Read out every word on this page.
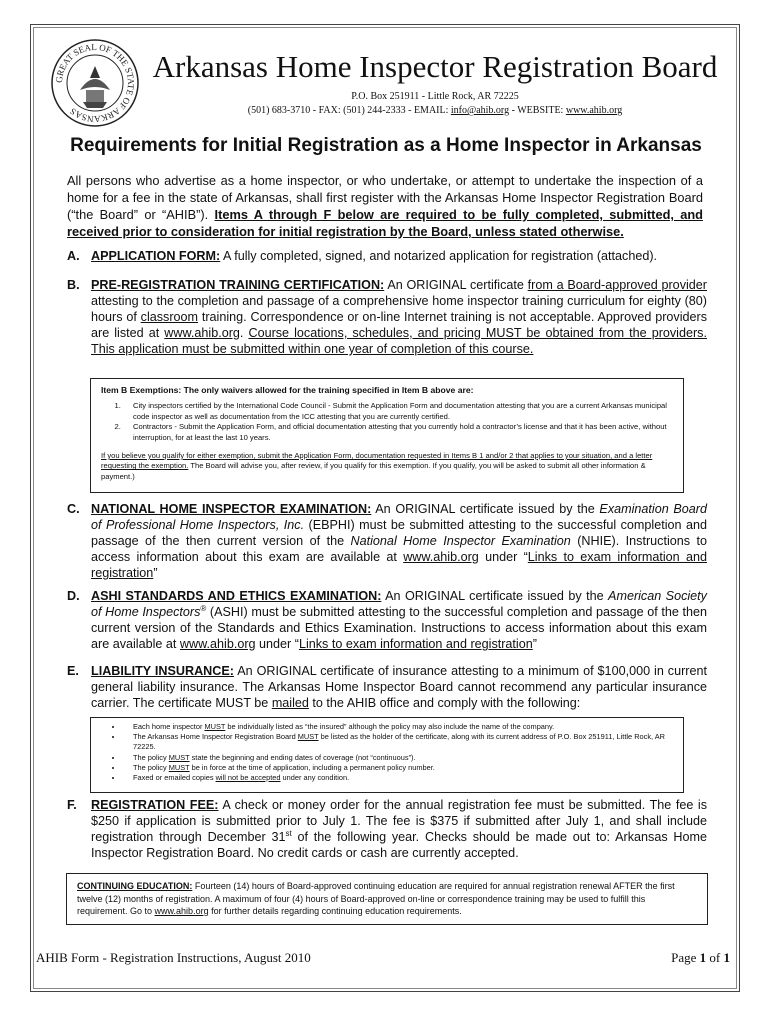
GREAT SEAL OF THE STATE OF ARKANSAS
Arkansas Home Inspector Registration Board
P.O. Box 251911 - Little Rock, AR 72225
(501) 683-3710 - FAX: (501) 244-2333 - EMAIL: info@ahib.org - WEBSITE: www.ahib.org
Requirements for Initial Registration as a Home Inspector in Arkansas
All persons who advertise as a home inspector, or who undertake, or attempt to undertake the inspection of a home for a fee in the state of Arkansas, shall first register with the Arkansas Home Inspector Registration Board (“the Board” or “AHIB”). Items A through F below are required to be fully completed, submitted, and received prior to consideration for initial registration by the Board, unless stated otherwise.
A. APPLICATION FORM: A fully completed, signed, and notarized application for registration (attached).
B. PRE-REGISTRATION TRAINING CERTIFICATION: An ORIGINAL certificate from a Board-approved provider attesting to the completion and passage of a comprehensive home inspector training curriculum for eighty (80) hours of classroom training. Correspondence or on-line Internet training is not acceptable. Approved providers are listed at www.ahib.org. Course locations, schedules, and pricing MUST be obtained from the providers. This application must be submitted within one year of completion of this course.
Item B Exemptions: The only waivers allowed for the training specified in Item B above are:
1. City inspectors certified by the International Code Council - Submit the Application Form and documentation attesting that you are a current Arkansas municipal code inspector as well as documentation from the ICC attesting that you are currently certified.
2. Contractors - Submit the Application Form, and official documentation attesting that you currently hold a contractor’s license and that it has been active, without interruption, for at least the last 10 years.
If you believe you qualify for either exemption, submit the Application Form, documentation requested in Items B 1 and/or 2 that applies to your situation, and a letter requesting the exemption. The Board will advise you, after review, if you qualify for this exemption. If you qualify, you will be asked to submit all other information & payment.)
C. NATIONAL HOME INSPECTOR EXAMINATION: An ORIGINAL certificate issued by the Examination Board of Professional Home Inspectors, Inc. (EBPHI) must be submitted attesting to the successful completion and passage of the then current version of the National Home Inspector Examination (NHIE). Instructions to access information about this exam are available at www.ahib.org under “Links to exam information and registration”
D. ASHI STANDARDS AND ETHICS EXAMINATION: An ORIGINAL certificate issued by the American Society of Home Inspectors® (ASHI) must be submitted attesting to the successful completion and passage of the then current version of the Standards and Ethics Examination. Instructions to access information about this exam are available at www.ahib.org under “Links to exam information and registration”
E. LIABILITY INSURANCE: An ORIGINAL certificate of insurance attesting to a minimum of $100,000 in current general liability insurance. The Arkansas Home Inspector Board cannot recommend any particular insurance carrier. The certificate MUST be mailed to the AHIB office and comply with the following:
• Each home inspector MUST be individually listed as “the insured” although the policy may also include the name of the company.
• The Arkansas Home Inspector Registration Board MUST be listed as the holder of the certificate, along with its current address of P.O. Box 251911, Little Rock, AR 72225.
• The policy MUST state the beginning and ending dates of coverage (not “continuous”).
• The policy MUST be in force at the time of application, including a permanent policy number.
• Faxed or emailed copies will not be accepted under any condition.
F. REGISTRATION FEE: A check or money order for the annual registration fee must be submitted. The fee is $250 if application is submitted prior to July 1. The fee is $375 if submitted after July 1, and shall include registration through December 31st of the following year. Checks should be made out to: Arkansas Home Inspector Registration Board. No credit cards or cash are currently accepted.
CONTINUING EDUCATION: Fourteen (14) hours of Board-approved continuing education are required for annual registration renewal AFTER the first twelve (12) months of registration. A maximum of four (4) hours of Board-approved on-line or correspondence training may be used to fulfill this requirement. Go to www.ahib.org for further details regarding continuing education requirements.
AHIB Form - Registration Instructions, August 2010	Page 1 of 1
